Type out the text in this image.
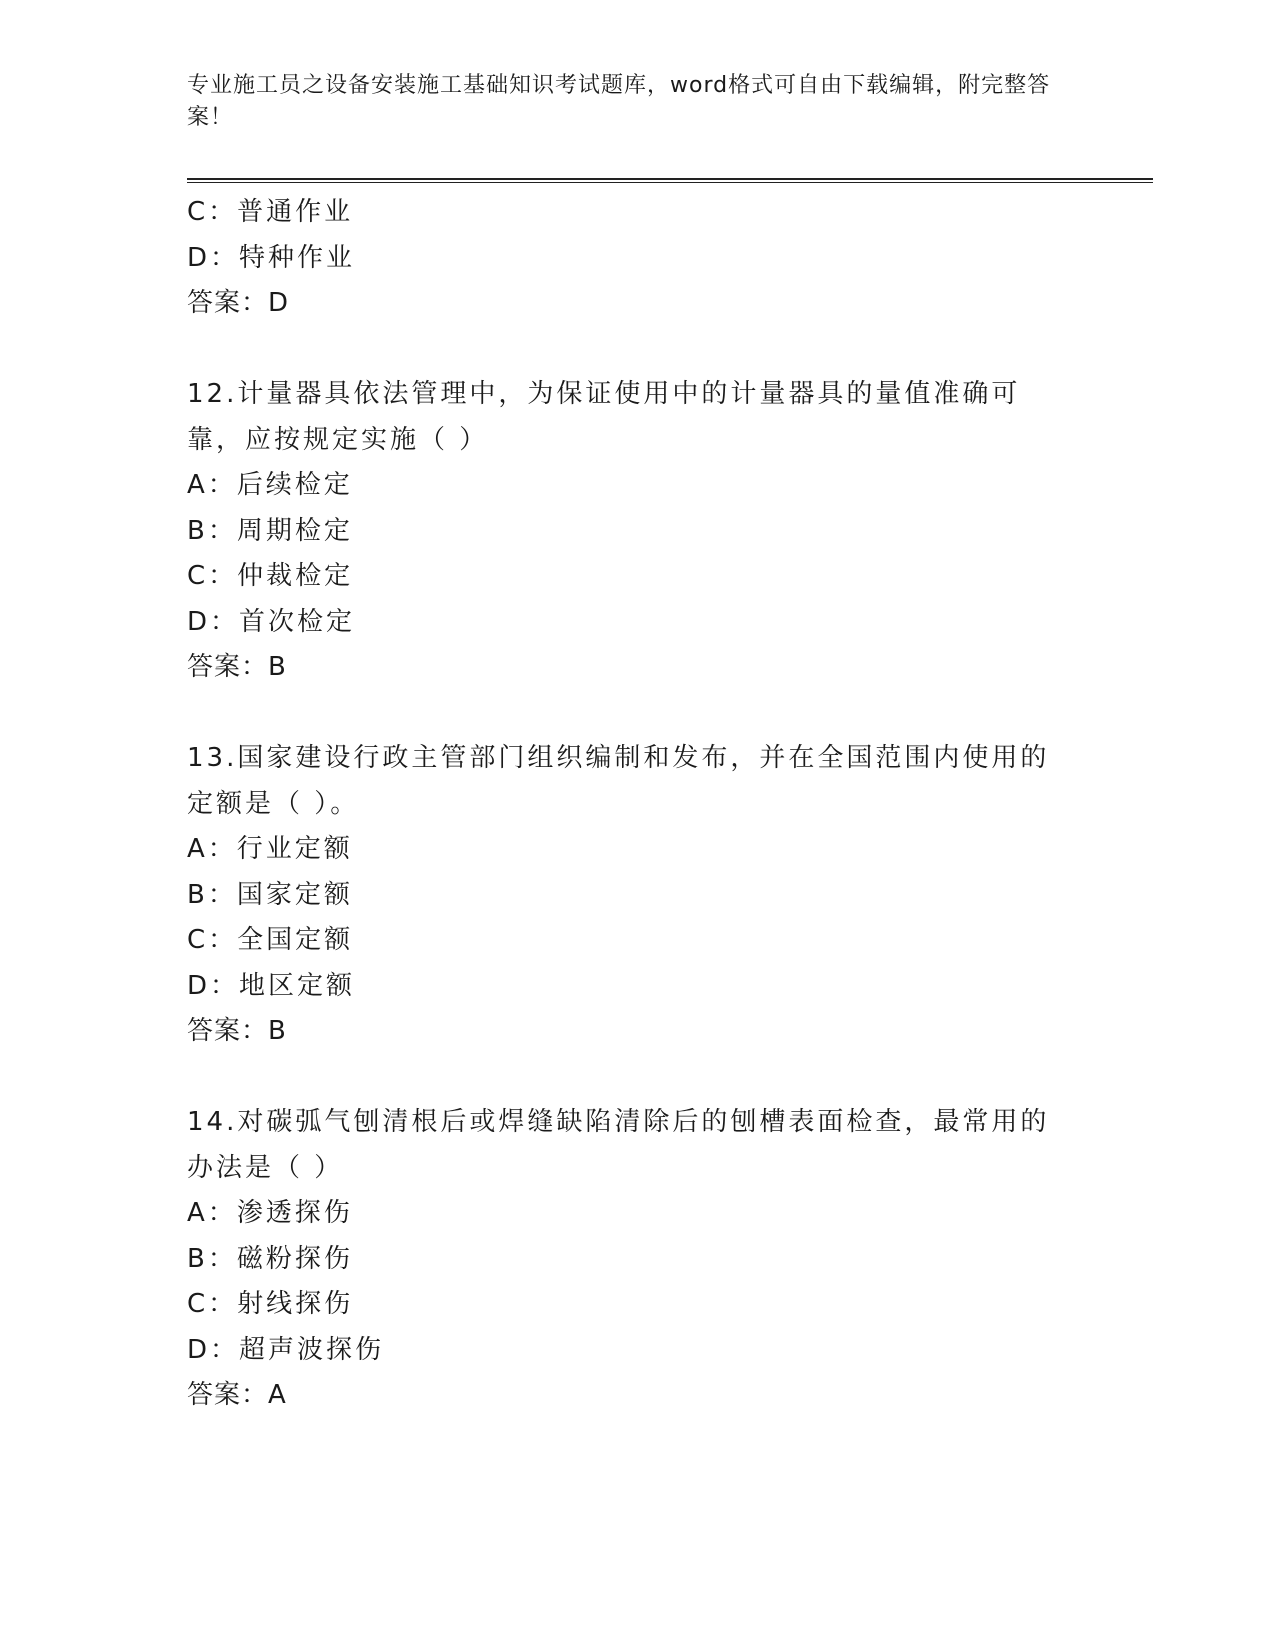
专业施工员之设备安装施工基础知识考试题库，word格式可自由下载编辑，附完整答案！
C：普通作业
D：特种作业
答案：D
12.计量器具依法管理中，为保证使用中的计量器具的量值准确可靠，应按规定实施（ ）
A：后续检定
B：周期检定
C：仲裁检定
D：首次检定
答案：B
13.国家建设行政主管部门组织编制和发布，并在全国范围内使用的定额是（ ）。
A：行业定额
B：国家定额
C：全国定额
D：地区定额
答案：B
14.对碳弧气刨清根后或焊缝缺陷清除后的刨槽表面检查，最常用的办法是（ ）
A：渗透探伤
B：磁粉探伤
C：射线探伤
D：超声波探伤
答案：A
